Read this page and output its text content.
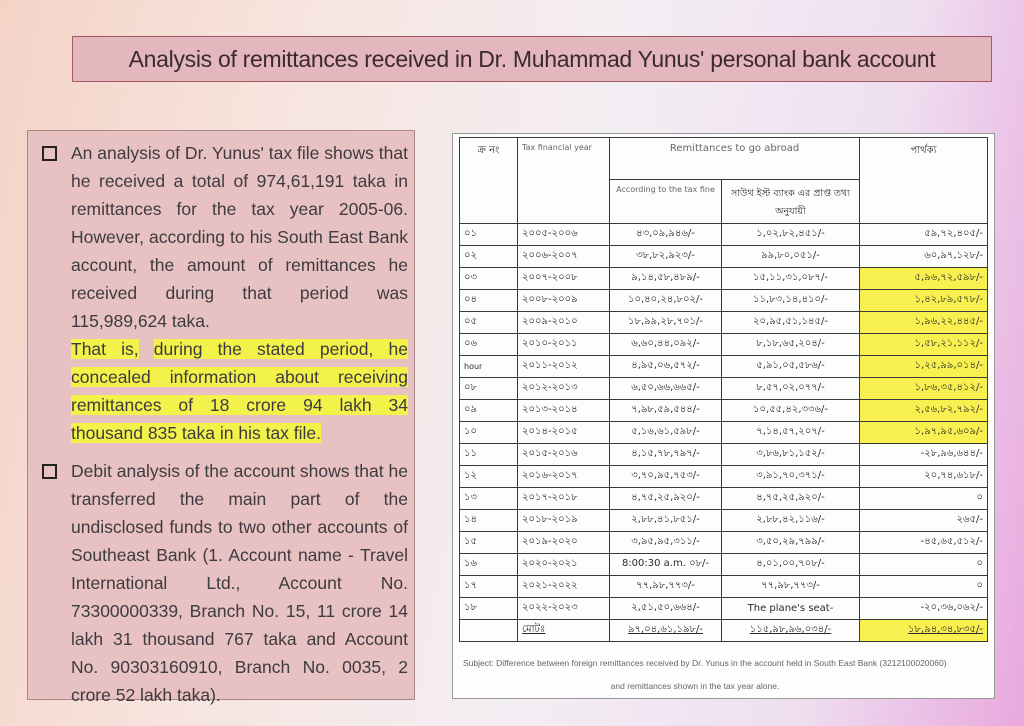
Analysis of remittances received in Dr. Muhammad Yunus' personal bank account

An analysis of Dr. Yunus' tax file shows that he received a total of 974,61,191 taka in remittances for the tax year 2005-06. However, according to his South East Bank account, the amount of remittances he received during that period was 115,989,624 taka.
That is, during the stated period, he concealed information about receiving remittances of 18 crore 94 lakh 34 thousand 835 taka in his tax file.

Debit analysis of the account shows that he transferred the main part of the undisclosed funds to two other accounts of Southeast Bank (1. Account name - Travel International Ltd., Account No. 73300000339, Branch No. 15, 11 crore 14 lakh 31 thousand 767 taka and Account No. 90303160910, Branch No. 0035, 2 crore 52 lakh taka).

ক্র নং	Tax financial year	Remittances to go abroad		পার্থক্য
		According to the tax fine	সাউথ ইস্ট ব্যাংক এর প্রাপ্ত তথ্য অনুযায়ী	
০১	২০০৫-২০০৬	৪৩,০৯,৯৪৬/-	১,০২,৮২,৪৫১/-	৫৯,৭২,৪০৫/-
০২	২০০৬-২০০৭	৩৮,৮২,৯২৩/-	৯৯,৮০,০৫১/-	৬০,৯৭,১২৮/-
০৩	২০০৭-২০০৮	৯,১৪,৫৮,৪৮৯/-	১৫,১১,৩১,০৮৭/-	৫,৯৬,৭২,৫৯৮/-
০৪	২০০৮-২০০৯	১০,৪০,২৪,৮০২/-	১১,৮৩,১৪,৪১০/-	১,৪২,৮৯,৫৭৮/-
০৫	২০০৯-২০১০	১৮,৯৯,২৮,৭০১/-	২০,৯৫,৫১,১৪৫/-	১,৯৬,২২,৪৪৫/-
০৬	২০১০-২০১১	৬,৬০,৪৪,০৯২/-	৮,১৮,৬৫,২০৪/-	১,৫৮,২১,১১২/-
hour	২০১১-২০১২	৪,৯৫,০৬,৫৭২/-	৫,৯১,০৫,৫৮৬/-	১,২৫,৯৯,০১৪/-
০৮	২০১২-২০১৩	৬,৫০,৬৬,৬৬৫/-	৮,৫৭,০২,০৭৭/-	১,৮৬,৩৫,৪১২/-
০৯	২০১৩-২০১৪	৭,৯৮,৫৯,৫৪৪/-	১০,৫৫,৪২,৩৩৬/-	২,৫৬,৮২,৭৯২/-
১০	২০১৪-২০১৫	৫,১৬,৬১,৫৯৮/-	৭,১৪,৫৭,২০৭/-	১,৯৭,৯৫,৬০৯/-
১১	২০১৫-২০১৬	৪,১৫,৭৮,৭৯৭/-	৩,৮৬,৮১,১৫২/-	-২৮,৯৬,৬৪৪/-
১২	২০১৬-২০১৭	৩,৭০,৯৫,৭৫৩/-	৩,৯১,৭০,৩৭১/-	২০,৭৪,৬১৮/-
১৩	২০১৭-২০১৮	৪,৭৫,২৫,৯২০/-	৪,৭৫,২৫,৯২০/-	০
১৪	২০১৮-২০১৯	২,৮৮,৪১,৮৫১/-	২,৮৮,৪২,১১৬/-	২৬৫/-
১৫	২০১৯-২০২০	৩,৯৫,৯৫,৩১১/-	৩,৫০,২৯,৭৯৯/-	-৪৫,৬৫,৫১২/-
১৬	২০২০-২০২১	8:00:30 a.m. ০৮/-	৪,০১,০০,৭০৮/-	০
১৭	২০২১-২০২২	৭৭,৯৮,৭৭৩/-	৭৭,৯৮,৭৭৩/-	০
১৮	২০২২-২০২৩	২,৫১,৫০,৬৬৪/-	The plane's seat-	-২০,৩৬,০৬২/-
	মোটঃ	৯৭,০৪,৬১,১৯৮/-	১১৫,৯৮,৯৬,০৩৪/-	১৮,৯৪,৩৪,৮৩৫/-
Subject: Difference between foreign remittances received by Dr. Yunus in the account held in South East Bank (3212100020060)
and remittances shown in the tax year alone.
